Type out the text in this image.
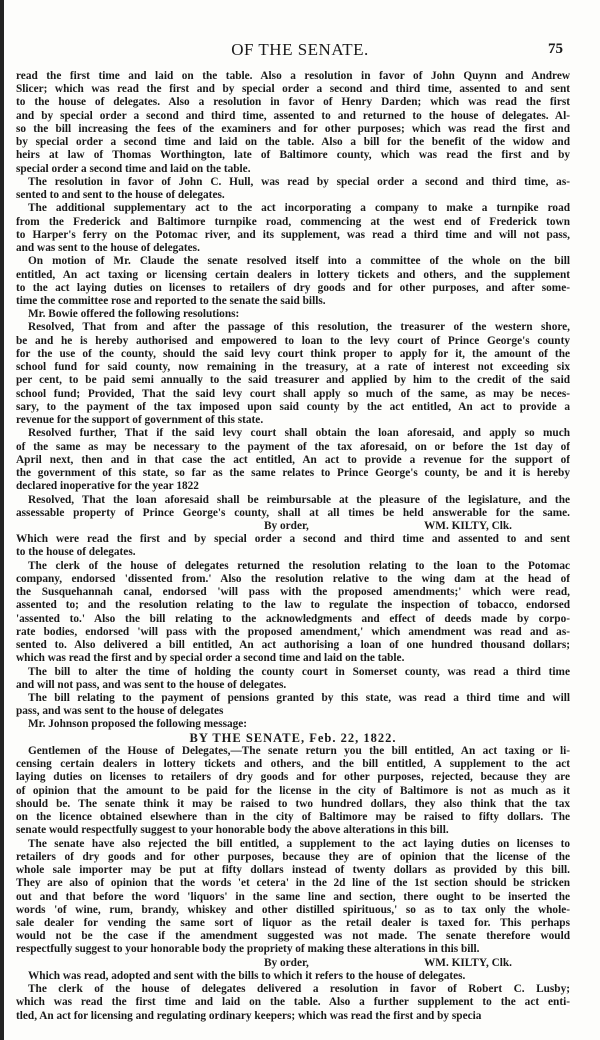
OF THE SENATE.	75
read the first time and laid on the table. Also a resolution in favor of John Quynn and Andrew
Slicer; which was read the first and by special order a second and third time, assented to and sent
to the house of delegates. Also a resolution in favor of Henry Darden; which was read the first
and by special order a second and third time, assented to and returned to the house of delegates. Al-
so the bill increasing the fees of the examiners and for other purposes; which was read the first and
by special order a second time and laid on the table. Also a bill for the benefit of the widow and
heirs at law of Thomas Worthington, late of Baltimore county, which was read the first and by
special order a second time and laid on the table.
The resolution in favor of John C. Hull, was read by special order a second and third time, as-
sented to and sent to the house of delegates.
The additional supplementary act to the act incorporating a company to make a turnpike road
from the Frederick and Baltimore turnpike road, commencing at the west end of Frederick town
to Harper's ferry on the Potomac river, and its supplement, was read a third time and will not pass,
and was sent to the house of delegates.
On motion of Mr. Claude the senate resolved itself into a committee of the whole on the bill
entitled, An act taxing or licensing certain dealers in lottery tickets and others, and the supplement
to the act laying duties on licenses to retailers of dry goods and for other purposes, and after some-
time the committee rose and reported to the senate the said bills.
Mr. Bowie offered the following resolutions:
Resolved, That from and after the passage of this resolution, the treasurer of the western shore,
be and he is hereby authorised and empowered to loan to the levy court of Prince George's county
for the use of the county, should the said levy court think proper to apply for it, the amount of the
school fund for said county, now remaining in the treasury, at a rate of interest not exceeding six
per cent, to be paid semi annually to the said treasurer and applied by him to the credit of the said
school fund; Provided, That the said levy court shall apply so much of the same, as may be neces-
sary, to the payment of the tax imposed upon said county by the act entitled, An act to provide a
revenue for the support of government of this state.
Resolved further, That if the said levy court shall obtain the loan aforesaid, and apply so much
of the same as may be necessary to the payment of the tax aforesaid, on or before the 1st day of
April next, then and in that case the act entitled, An act to provide a revenue for the support of
the government of this state, so far as the same relates to Prince George's county, be and it is hereby
declared inoperative for the year 1822
Resolved, That the loan aforesaid shall be reimbursable at the pleasure of the legislature, and the
assessable property of Prince George's county, shall at all times be held answerable for the same.
By order,	WM. KILTY, Clk.
Which were read the first and by special order a second and third time and assented to and sent
to the house of delegates.
The clerk of the house of delegates returned the resolution relating to the loan to the Potomac
company, endorsed 'dissented from.' Also the resolution relative to the wing dam at the head of
the Susquehannah canal, endorsed 'will pass with the proposed amendments;' which were read,
assented to; and the resolution relating to the law to regulate the inspection of tobacco, endorsed
'assented to.' Also the bill relating to the acknowledgments and effect of deeds made by corpo-
rate bodies, endorsed 'will pass with the proposed amendment,' which amendment was read and as-
sented to. Also delivered a bill entitled, An act authorising a loan of one hundred thousand dollars;
which was read the first and by special order a second time and laid on the table.
The bill to alter the time of holding the county court in Somerset county, was read a third time
and will not pass, and was sent to the house of delegates.
The bill relating to the payment of pensions granted by this state, was read a third time and will
pass, and was sent to the house of delegates
Mr. Johnson proposed the following message:
BY THE SENATE, Feb. 22, 1822.
Gentlemen of the House of Delegates,—The senate return you the bill entitled, An act taxing or li-
censing certain dealers in lottery tickets and others, and the bill entitled, A supplement to the act
laying duties on licenses to retailers of dry goods and for other purposes, rejected, because they are
of opinion that the amount to be paid for the license in the city of Baltimore is not as much as it
should be. The senate think it may be raised to two hundred dollars, they also think that the tax
on the licence obtained elsewhere than in the city of Baltimore may be raised to fifty dollars. The
senate would respectfully suggest to your honorable body the above alterations in this bill.
The senate have also rejected the bill entitled, a supplement to the act laying duties on licenses to
retailers of dry goods and for other purposes, because they are of opinion that the license of the
whole sale importer may be put at fifty dollars instead of twenty dollars as provided by this bill.
They are also of opinion that the words 'et cetera' in the 2d line of the 1st section should be stricken
out and that before the word 'liquors' in the same line and section, there ought to be inserted the
words 'of wine, rum, brandy, whiskey and other distilled spirituous,' so as to tax only the whole-
sale dealer for vending the same sort of liquor as the retail dealer is taxed for. This perhaps
would not be the case if the amendment suggested was not made. The senate therefore would
respectfully suggest to your honorable body the propriety of making these alterations in this bill.
By order,	WM. KILTY, Clk.
Which was read, adopted and sent with the bills to which it refers to the house of delegates.
The clerk of the house of delegates delivered a resolution in favor of Robert C. Lusby;
which was read the first time and laid on the table. Also a further supplement to the act enti-
tled, An act for licensing and regulating ordinary keepers; which was read the first and by specia
